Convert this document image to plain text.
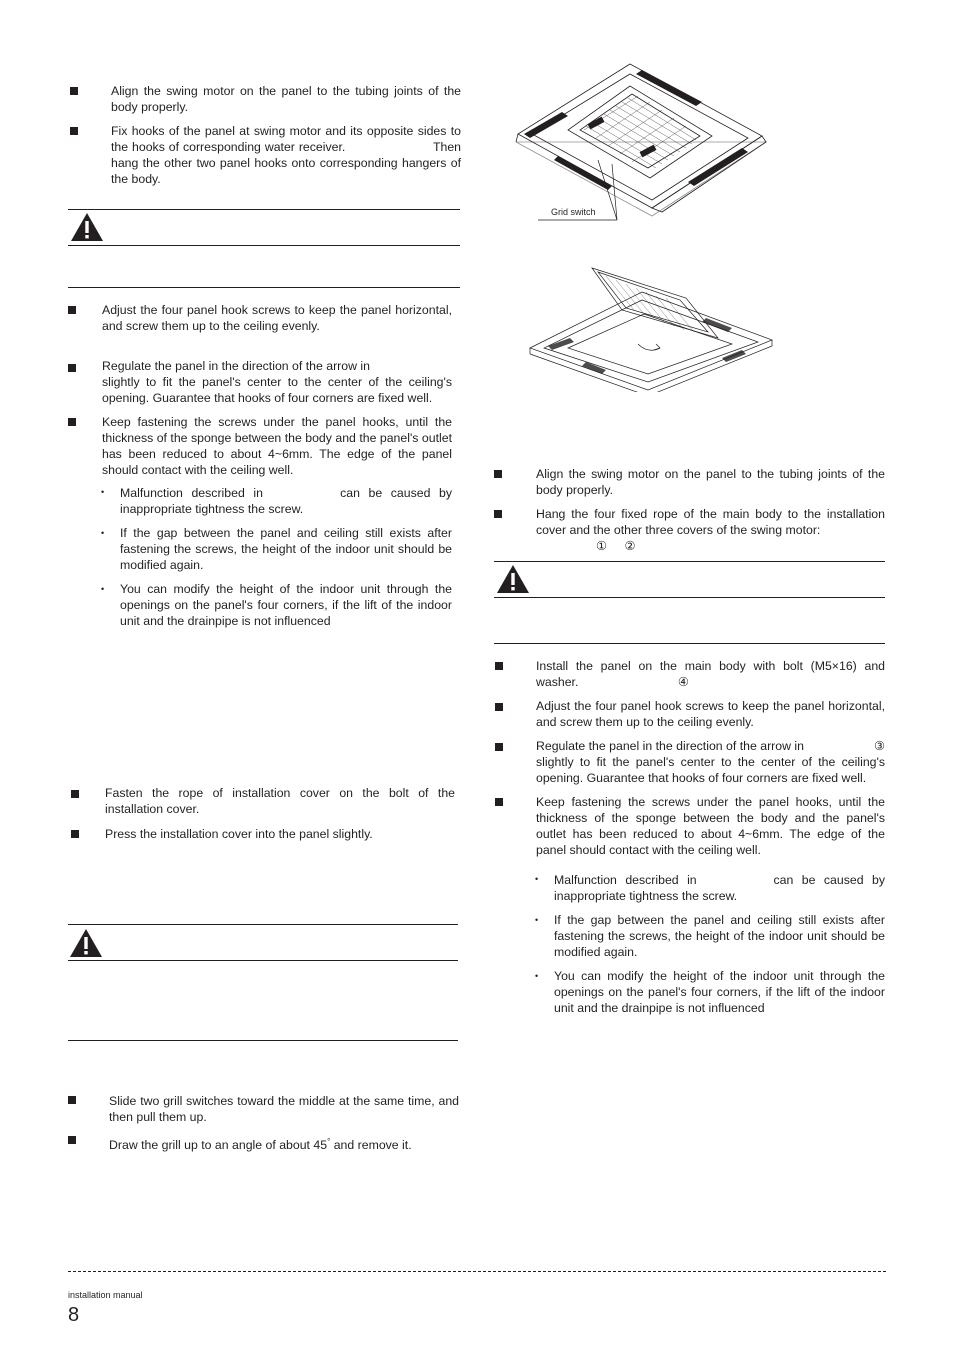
Align the swing motor on the panel to the tubing joints of the body properly.
Fix hooks of the panel at swing motor and its opposite sides to the hooks of corresponding water receiver.	Then hang the other two panel hooks onto corresponding hangers of the body.
Adjust the four panel hook screws to keep the panel horizontal, and screw them up to the ceiling evenly.
Regulate the panel in the direction of the arrow in
slightly to fit the panel's center to the center of the ceiling's opening. Guarantee that hooks of four corners are fixed well.
Keep fastening the screws under the panel hooks, until the thickness of the sponge between the body and the panel's outlet has been reduced to about 4~6mm. The edge of the panel should contact with the ceiling well.
• Malfunction described in	can be caused by inappropriate tightness the screw.
• If the gap between the panel and ceiling still exists after fastening the screws, the height of the indoor unit should be modified again.
• You can modify the height of the indoor unit through the openings on the panel's four corners, if the lift of the indoor unit and the drainpipe is not influenced
Fasten the rope of installation cover on the bolt of the installation cover.
Press the installation cover into the panel slightly.
Slide two grill switches toward the middle at the same time, and then pull them up.
Draw the grill up to an angle of about 45° and remove it.
Grid switch
Align the swing motor on the panel to the tubing joints of the body properly.
Hang the four fixed rope of the main body to the installation cover and the other three covers of the swing motor:
① ②
Install the panel on the main body with bolt (M5×16) and washer.	④
Adjust the four panel hook screws to keep the panel horizontal, and screw them up to the ceiling evenly.
Regulate the panel in the direction of the arrow in	③

slightly to fit the panel's center to the center of the ceiling's opening. Guarantee that hooks of four corners are fixed well.
Keep fastening the screws under the panel hooks, until the thickness of the sponge between the body and the panel's outlet has been reduced to about 4~6mm. The edge of the panel should contact with the ceiling well.
• Malfunction described in	can be caused by inappropriate tightness the screw.
• If the gap between the panel and ceiling still exists after fastening the screws, the height of the indoor unit should be modified again.
• You can modify the height of the indoor unit through the openings on the panel's four corners, if the lift of the indoor unit and the drainpipe is not influenced
installation manual
8
